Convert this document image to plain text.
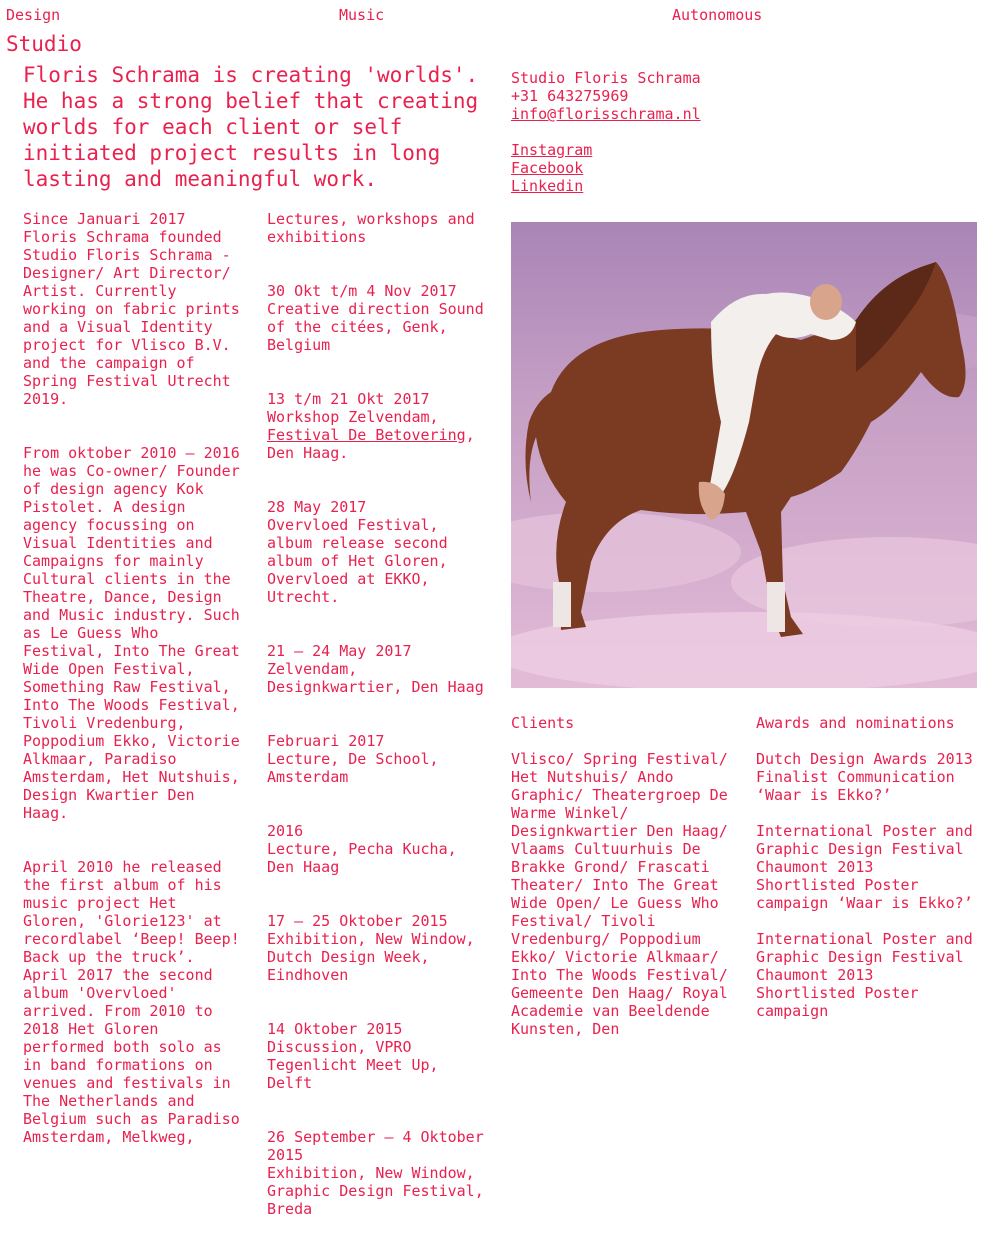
Design	Music	Autonomous
Studio

Floris Schrama is creating 'worlds'. He has a strong belief that creating worlds for each client or self initiated project results in long lasting and meaningful work.

Since Januari 2017 Floris Schrama founded Studio Floris Schrama - Designer/ Art Director/ Artist. Currently working on fabric prints and a Visual Identity project for Vlisco B.V. and the campaign of Spring Festival Utrecht 2019.

From oktober 2010 – 2016 he was Co-owner/ Founder of design agency Kok Pistolet. A design agency focussing on Visual Identities and Campaigns for mainly Cultural clients in the Theatre, Dance, Design and Music industry. Such as Le Guess Who Festival, Into The Great Wide Open Festival, Something Raw Festival, Into The Woods Festival, Tivoli Vredenburg, Poppodium Ekko, Victorie Alkmaar, Paradiso Amsterdam, Het Nutshuis, Design Kwartier Den Haag.

April 2010 he released the first album of his music project Het Gloren, 'Glorie123' at recordlabel ‘Beep! Beep! Back up the truck’. April 2017 the second album 'Overvloed' arrived. From 2010 to 2018 Het Gloren performed both solo as in band formations on venues and festivals in The Netherlands and Belgium such as Paradiso Amsterdam, Melkweg,

Lectures, workshops and exhibitions

30 Okt t/m 4 Nov 2017
Creative direction Sound of the citées, Genk, Belgium

13 t/m 21 Okt 2017
Workshop Zelvendam,
Festival De Betovering, Den Haag.

28 May 2017
Overvloed Festival, album release second album of Het Gloren, Overvloed at EKKO, Utrecht.

21 – 24 May 2017
Zelvendam, Designkwartier, Den Haag

Februari 2017
Lecture, De School, Amsterdam

2016
Lecture, Pecha Kucha, Den Haag

17 – 25 Oktober 2015
Exhibition, New Window, Dutch Design Week, Eindhoven

14 Oktober 2015
Discussion, VPRO Tegenlicht Meet Up, Delft

26 September – 4 Oktober 2015
Exhibition, New Window, Graphic Design Festival, Breda

Studio Floris Schrama
+31 643275969
info@florisschrama.nl
Instagram
Facebook
Linkedin

Clients

Vlisco/ Spring Festival/ Het Nutshuis/ Ando Graphic/ Theatergroep De Warme Winkel/ Designkwartier Den Haag/ Vlaams Cultuurhuis De Brakke Grond/ Frascati Theater/ Into The Great Wide Open/ Le Guess Who Festival/ Tivoli Vredenburg/ Poppodium Ekko/ Victorie Alkmaar/ Into The Woods Festival/ Gemeente Den Haag/ Royal Academie van Beeldende Kunsten, Den

Awards and nominations

Dutch Design Awards 2013
Finalist Communication
‘Waar is Ekko?’

International Poster and Graphic Design Festival Chaumont 2013
Shortlisted Poster campaign ‘Waar is Ekko?’

International Poster and Graphic Design Festival Chaumont 2013
Shortlisted Poster campaign
